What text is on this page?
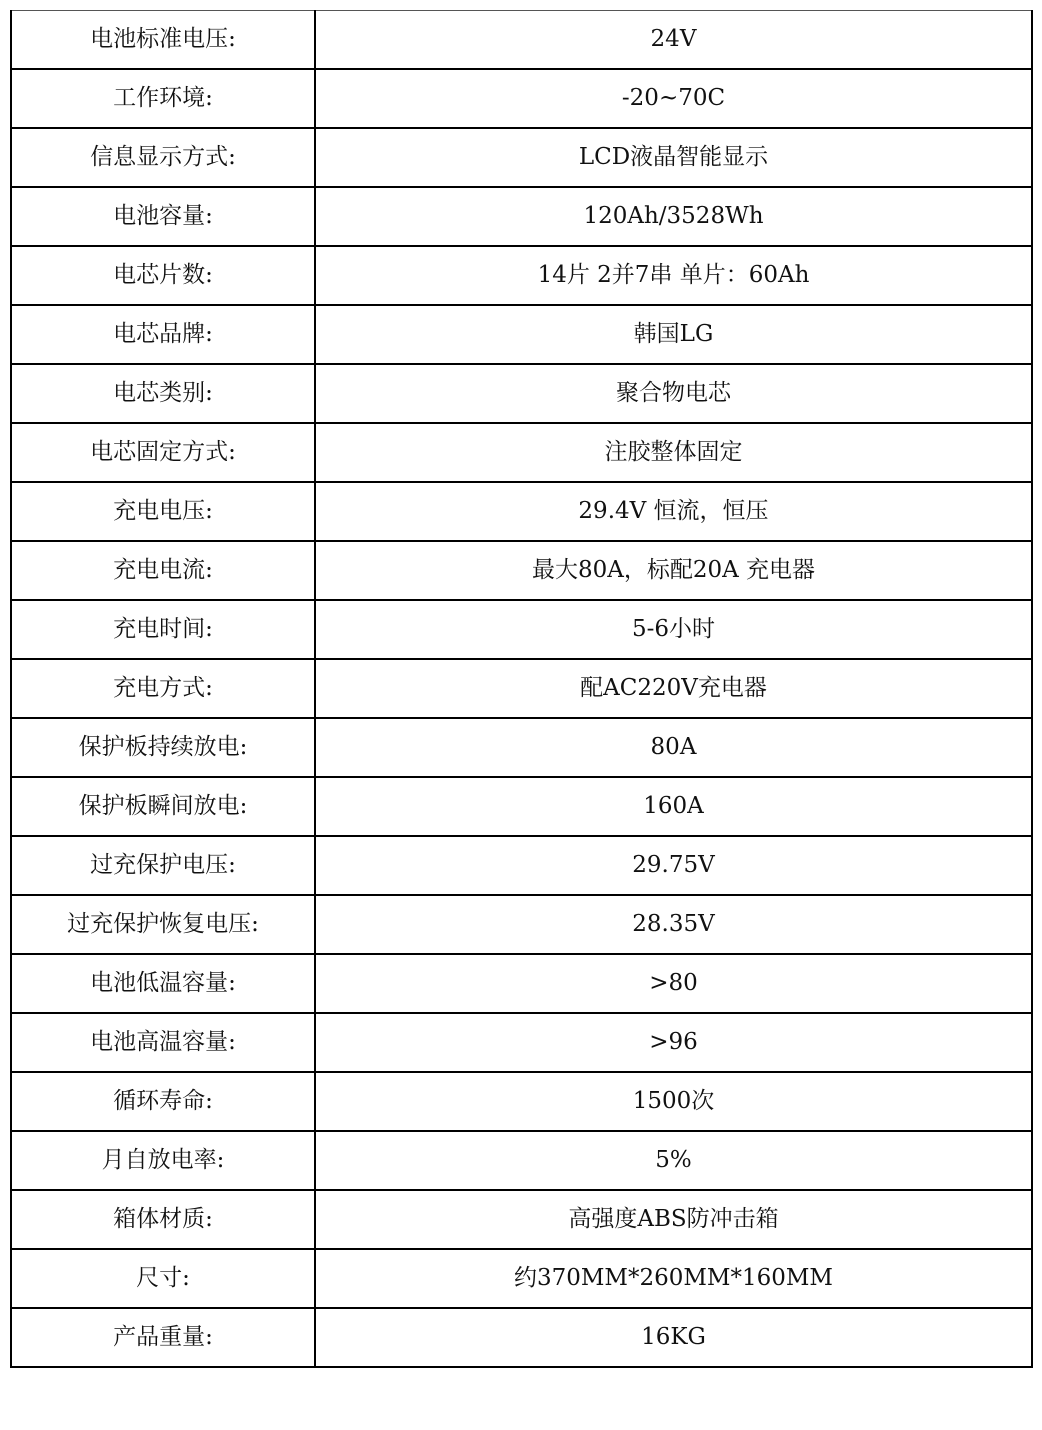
电池标准电压:	24V
工作环境:	-20~70C
信息显示方式:	LCD液晶智能显示
电池容量:	120Ah/3528Wh
电芯片数:	14片 2并7串 单片：60Ah
电芯品牌:	韩国LG
电芯类别:	聚合物电芯
电芯固定方式:	注胶整体固定
充电电压:	29.4V 恒流，恒压
充电电流:	最大80A，标配20A 充电器
充电时间:	5-6小时
充电方式:	配AC220V充电器
保护板持续放电:	80A
保护板瞬间放电:	160A
过充保护电压:	29.75V
过充保护恢复电压:	28.35V
电池低温容量:	>80
电池高温容量:	>96
循环寿命:	1500次
月自放电率:	5%
箱体材质:	高强度ABS防冲击箱
尺寸:	约370MM*260MM*160MM
产品重量:	16KG
